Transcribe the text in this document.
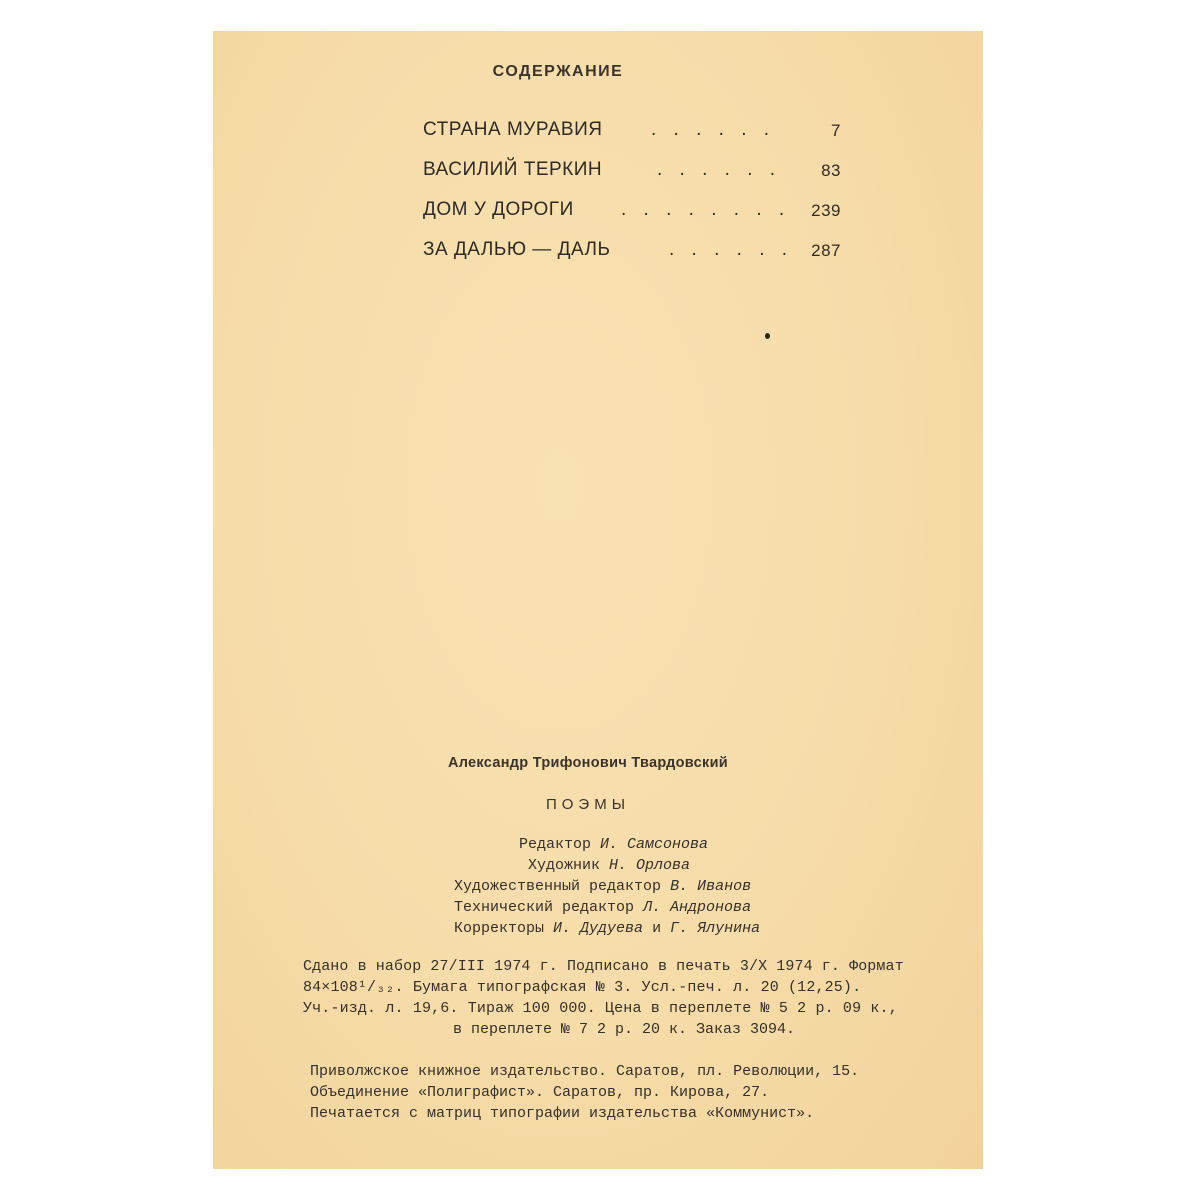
СОДЕРЖАНИЕ
СТРАНА МУРАВИЯ	. . . . . .	7
ВАСИЛИЙ ТЕРКИН	. . . . . . 83
ДОМ У ДОРОГИ . . . . . . . . 239
ЗА ДАЛЬЮ — ДАЛЬ	. . . . . . 287
Александр Трифонович Твардовский
ПОЭМЫ
Редактор И. Самсонова
Художник Н. Орлова
Художественный редактор В. Иванов
Технический редактор Л. Андронова
Корректоры И. Дудуева и Г. Ялунина
Сдано в набор 27/III 1974 г. Подписано в печать 3/X 1974 г. Формат
84×108¹/₃₂. Бумага типографская № 3. Усл.-печ. л. 20 (12,25).
Уч.-изд. л. 19,6. Тираж 100 000. Цена в переплете № 5 2 р. 09 к.,
в переплете № 7 2 р. 20 к. Заказ 3094.
Приволжское книжное издательство. Саратов, пл. Революции, 15.
Объединение «Полиграфист». Саратов, пр. Кирова, 27.
Печатается с матриц типографии издательства «Коммунист».
